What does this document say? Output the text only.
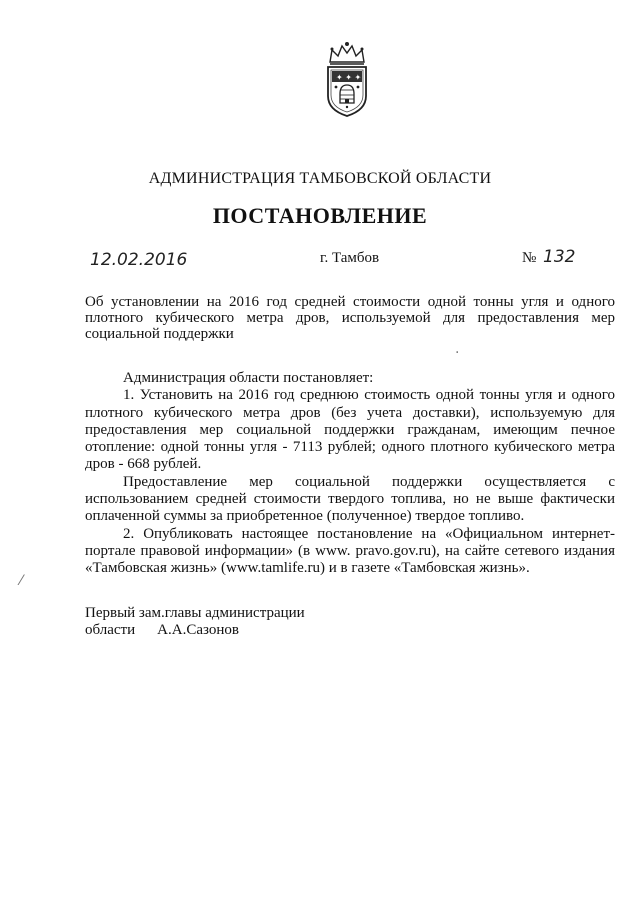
✦ ✦ ✦
АДМИНИСТРАЦИЯ ТАМБОВСКОЙ ОБЛАСТИ
ПОСТАНОВЛЕНИЕ
12.02.2016	г. Тамбов	№ 132
Об установлении на 2016 год средней стоимости одной тонны угля и одного плотного кубического метра дров, используемой для предоставления мер социальной поддержки

Администрация области постановляет:

1. Установить на 2016 год среднюю стоимость одной тонны угля и одного плотного кубического метра дров (без учета доставки), используемую для предоставления мер социальной поддержки гражданам, имеющим печное отопление: одной тонны угля - 7113 рублей; одного плотного кубического метра дров - 668 рублей.

Предоставление мер социальной поддержки осуществляется с использованием средней стоимости твердого топлива, но не выше фактически оплаченной суммы за приобретенное (полученное) твердое топливо.

2. Опубликовать настоящее постановление на «Официальном интернет-портале правовой информации» (в www. pravo.gov.ru), на сайте сетевого издания «Тамбовская жизнь» (www.tamlife.ru) и в газете «Тамбовская жизнь».

Первый зам.главы администрации
области А.А.Сазонов
⁄
·
